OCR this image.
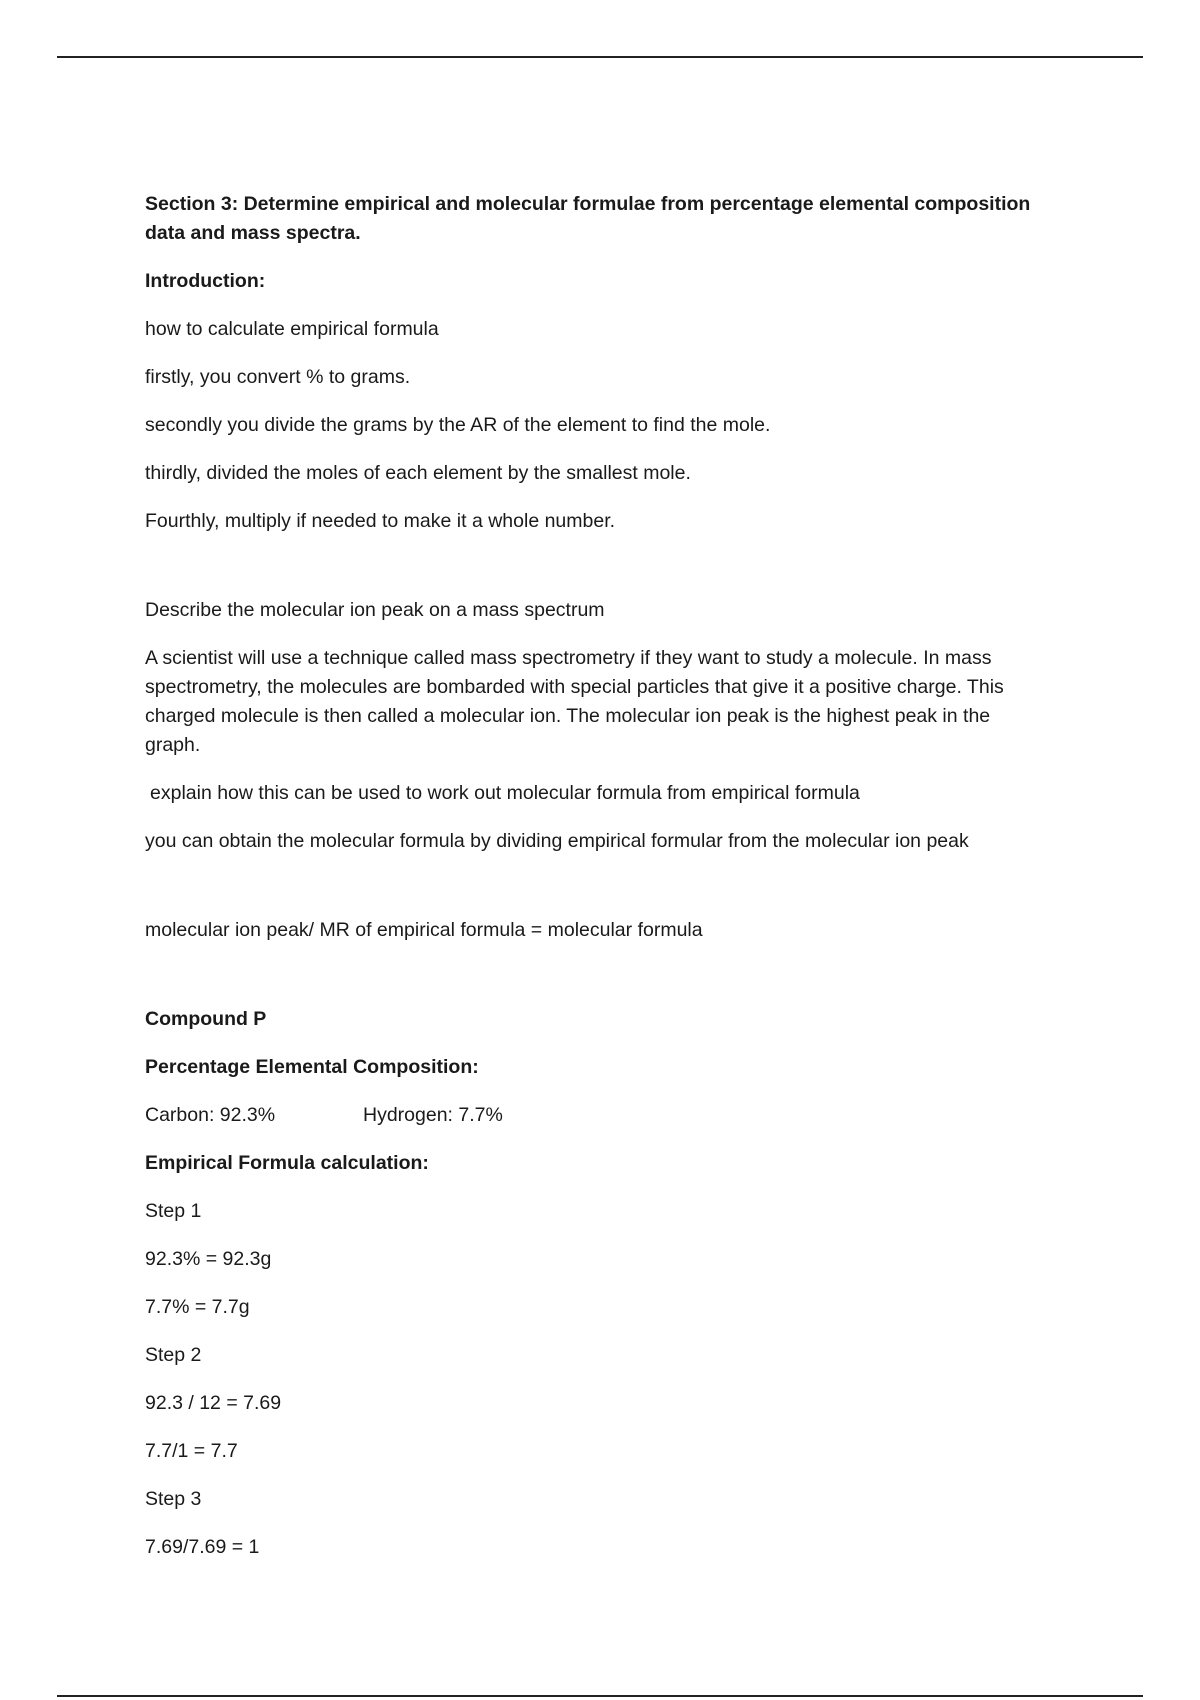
Section 3: Determine empirical and molecular formulae from percentage elemental composition data and mass spectra.

Introduction:

how to calculate empirical formula

firstly, you convert % to grams.

secondly you divide the grams by the AR of the element to find the mole.

thirdly, divided the moles of each element by the smallest mole.

Fourthly, multiply if needed to make it a whole number.

Describe the molecular ion peak on a mass spectrum

A scientist will use a technique called mass spectrometry if they want to study a molecule. In mass spectrometry, the molecules are bombarded with special particles that give it a positive charge. This charged molecule is then called a molecular ion. The molecular ion peak is the highest peak in the graph.

explain how this can be used to work out molecular formula from empirical formula

you can obtain the molecular formula by dividing empirical formular from the molecular ion peak

molecular ion peak/ MR of empirical formula = molecular formula

Compound P

Percentage Elemental Composition:

Carbon: 92.3%	Hydrogen: 7.7%

Empirical Formula calculation:

Step 1

92.3% = 92.3g

7.7% = 7.7g

Step 2

92.3 / 12 = 7.69

7.7/1 = 7.7

Step 3

7.69/7.69 = 1
